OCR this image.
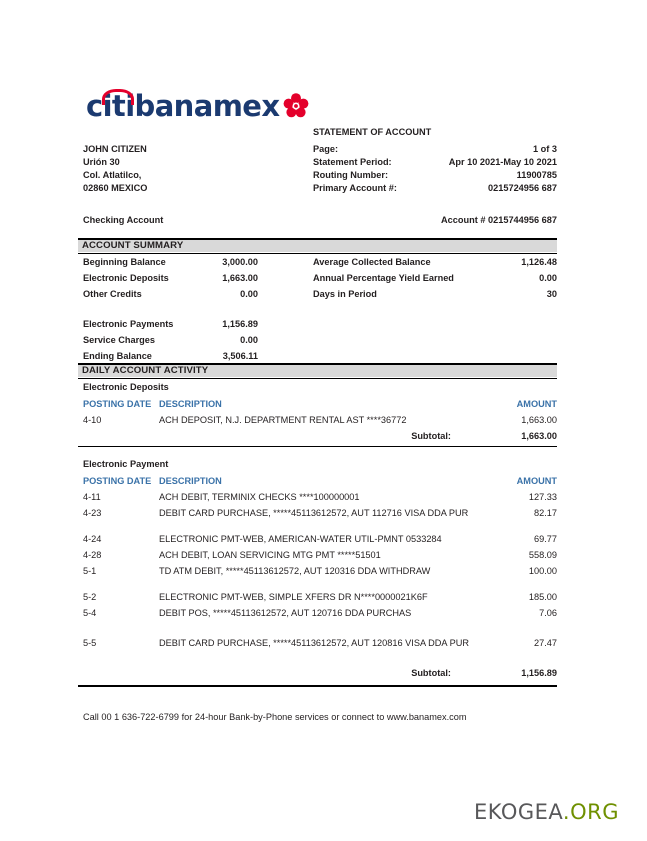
citibanamex
STATEMENT OF ACCOUNT
JOHN CITIZEN
Urión 30
Col. Atlatilco,
02860 MEXICO
Page:	1 of 3
Statement Period:	Apr 10 2021-May 10 2021
Routing Number:	11900785
Primary Account #:	0215724956 687
Checking Account	Account # 0215744956 687
ACCOUNT SUMMARY
Beginning Balance	3,000.00
Electronic Deposits	1,663.00
Other Credits	0.00
Electronic Payments	1,156.89
Service Charges	0.00
Ending Balance	3,506.11
Average Collected Balance	1,126.48
Annual Percentage Yield Earned	0.00
Days in Period	30
DAILY ACCOUNT ACTIVITY
Electronic Deposits
POSTING DATE DESCRIPTION	AMOUNT
4-10	ACH DEPOSIT, N.J. DEPARTMENT RENTAL AST ****36772	1,663.00
Subtotal:	1,663.00
Electronic Payment
POSTING DATE DESCRIPTION	AMOUNT
4-11	ACH DEBIT, TERMINIX CHECKS ****100000001	127.33
4-23	DEBIT CARD PURCHASE, *****45113612572, AUT 112716 VISA DDA PUR	82.17
4-24	ELECTRONIC PMT-WEB, AMERICAN-WATER UTIL-PMNT 0533284	69.77
4-28	ACH DEBIT, LOAN SERVICING MTG PMT *****51501	558.09
5-1	TD ATM DEBIT, *****45113612572, AUT 120316 DDA WITHDRAW	100.00
5-2	ELECTRONIC PMT-WEB, SIMPLE XFERS DR N****0000021K6F	185.00
5-4	DEBIT POS, *****45113612572, AUT 120716 DDA PURCHAS	7.06
5-5	DEBIT CARD PURCHASE, *****45113612572, AUT 120816 VISA DDA PUR	27.47
Subtotal:	1,156.89
Call 00 1 636-722-6799 for 24-hour Bank-by-Phone services or connect to www.banamex.com
EKOGEA.ORG
